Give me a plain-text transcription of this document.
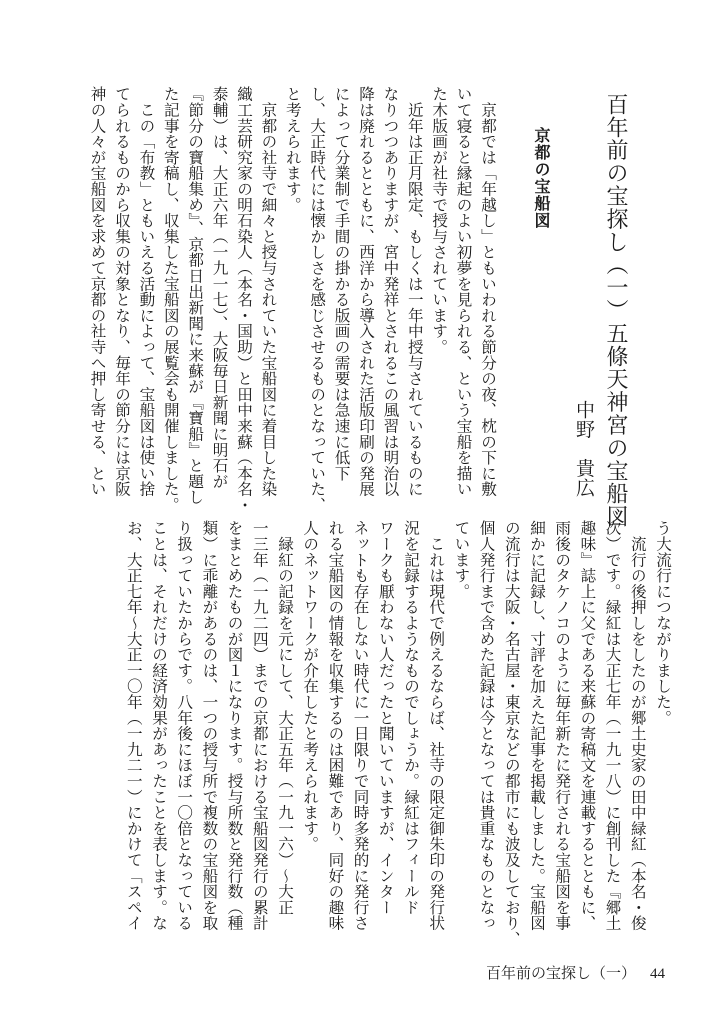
百年前の宝探し（一）五條天神宮の宝船図
中野　貴広
京都の宝船図
　京都では「年越し」ともいわれる節分の夜、枕の下に敷
いて寝ると縁起のよい初夢を見られる、という宝船を描い
た木版画が社寺で授与されています。
　近年は正月限定、もしくは一年中授与されているものに
なりつつありますが、宮中発祥とされるこの風習は明治以
降は廃れるとともに、西洋から導入された活版印刷の発展
によって分業制で手間の掛かる版画の需要は急速に低下
し、大正時代には懐かしさを感じさせるものとなっていた、
と考えられます。
　京都の社寺で細々と授与されていた宝船図に着目した染
織工芸研究家の明石染人（本名・国助）と田中来蘇（本名・
泰輔）は、大正六年（一九一七）、大阪毎日新聞に明石が
『節分の寶船集め』、京都日出新聞に来蘇が『寶船』と題し
た記事を寄稿し、収集した宝船図の展覧会も開催しました。
　この「布教」ともいえる活動によって、宝船図は使い捨
てられるものから収集の対象となり、毎年の節分には京阪
神の人々が宝船図を求めて京都の社寺へ押し寄せる、とい
う大流行につながりました。
　流行の後押しをしたのが郷土史家の田中緑紅（本名・俊
次）です。緑紅は大正七年（一九一八）に創刊した『郷土
趣味』誌上に父である来蘇の寄稿文を連載するとともに、
雨後のタケノコのように毎年新たに発行される宝船図を事
細かに記録し、寸評を加えた記事を掲載しました。宝船図
の流行は大阪・名古屋・東京などの都市にも波及しており、
個人発行まで含めた記録は今となっては貴重なものとなっ
ています。
　これは現代で例えるならば、社寺の限定御朱印の発行状
況を記録するようなものでしょうか。緑紅はフィールド
ワークも厭わない人だったと聞いていますが、インター
ネットも存在しない時代に一日限りで同時多発的に発行さ
れる宝船図の情報を収集するのは困難であり、同好の趣味
人のネットワークが介在したと考えられます。
　緑紅の記録を元にして、大正五年（一九一六）～大正
一三年（一九二四）までの京都における宝船図発行の累計
をまとめたものが図１になります。授与所数と発行数（種
類）に乖離があるのは、一つの授与所で複数の宝船図を取
り扱っていたからです。八年後にほぼ一〇倍となっている
ことは、それだけの経済効果があったことを表します。な
お、大正七年～大正一〇年（一九二一）にかけて「スペイ
百年前の宝探し（一） 44
